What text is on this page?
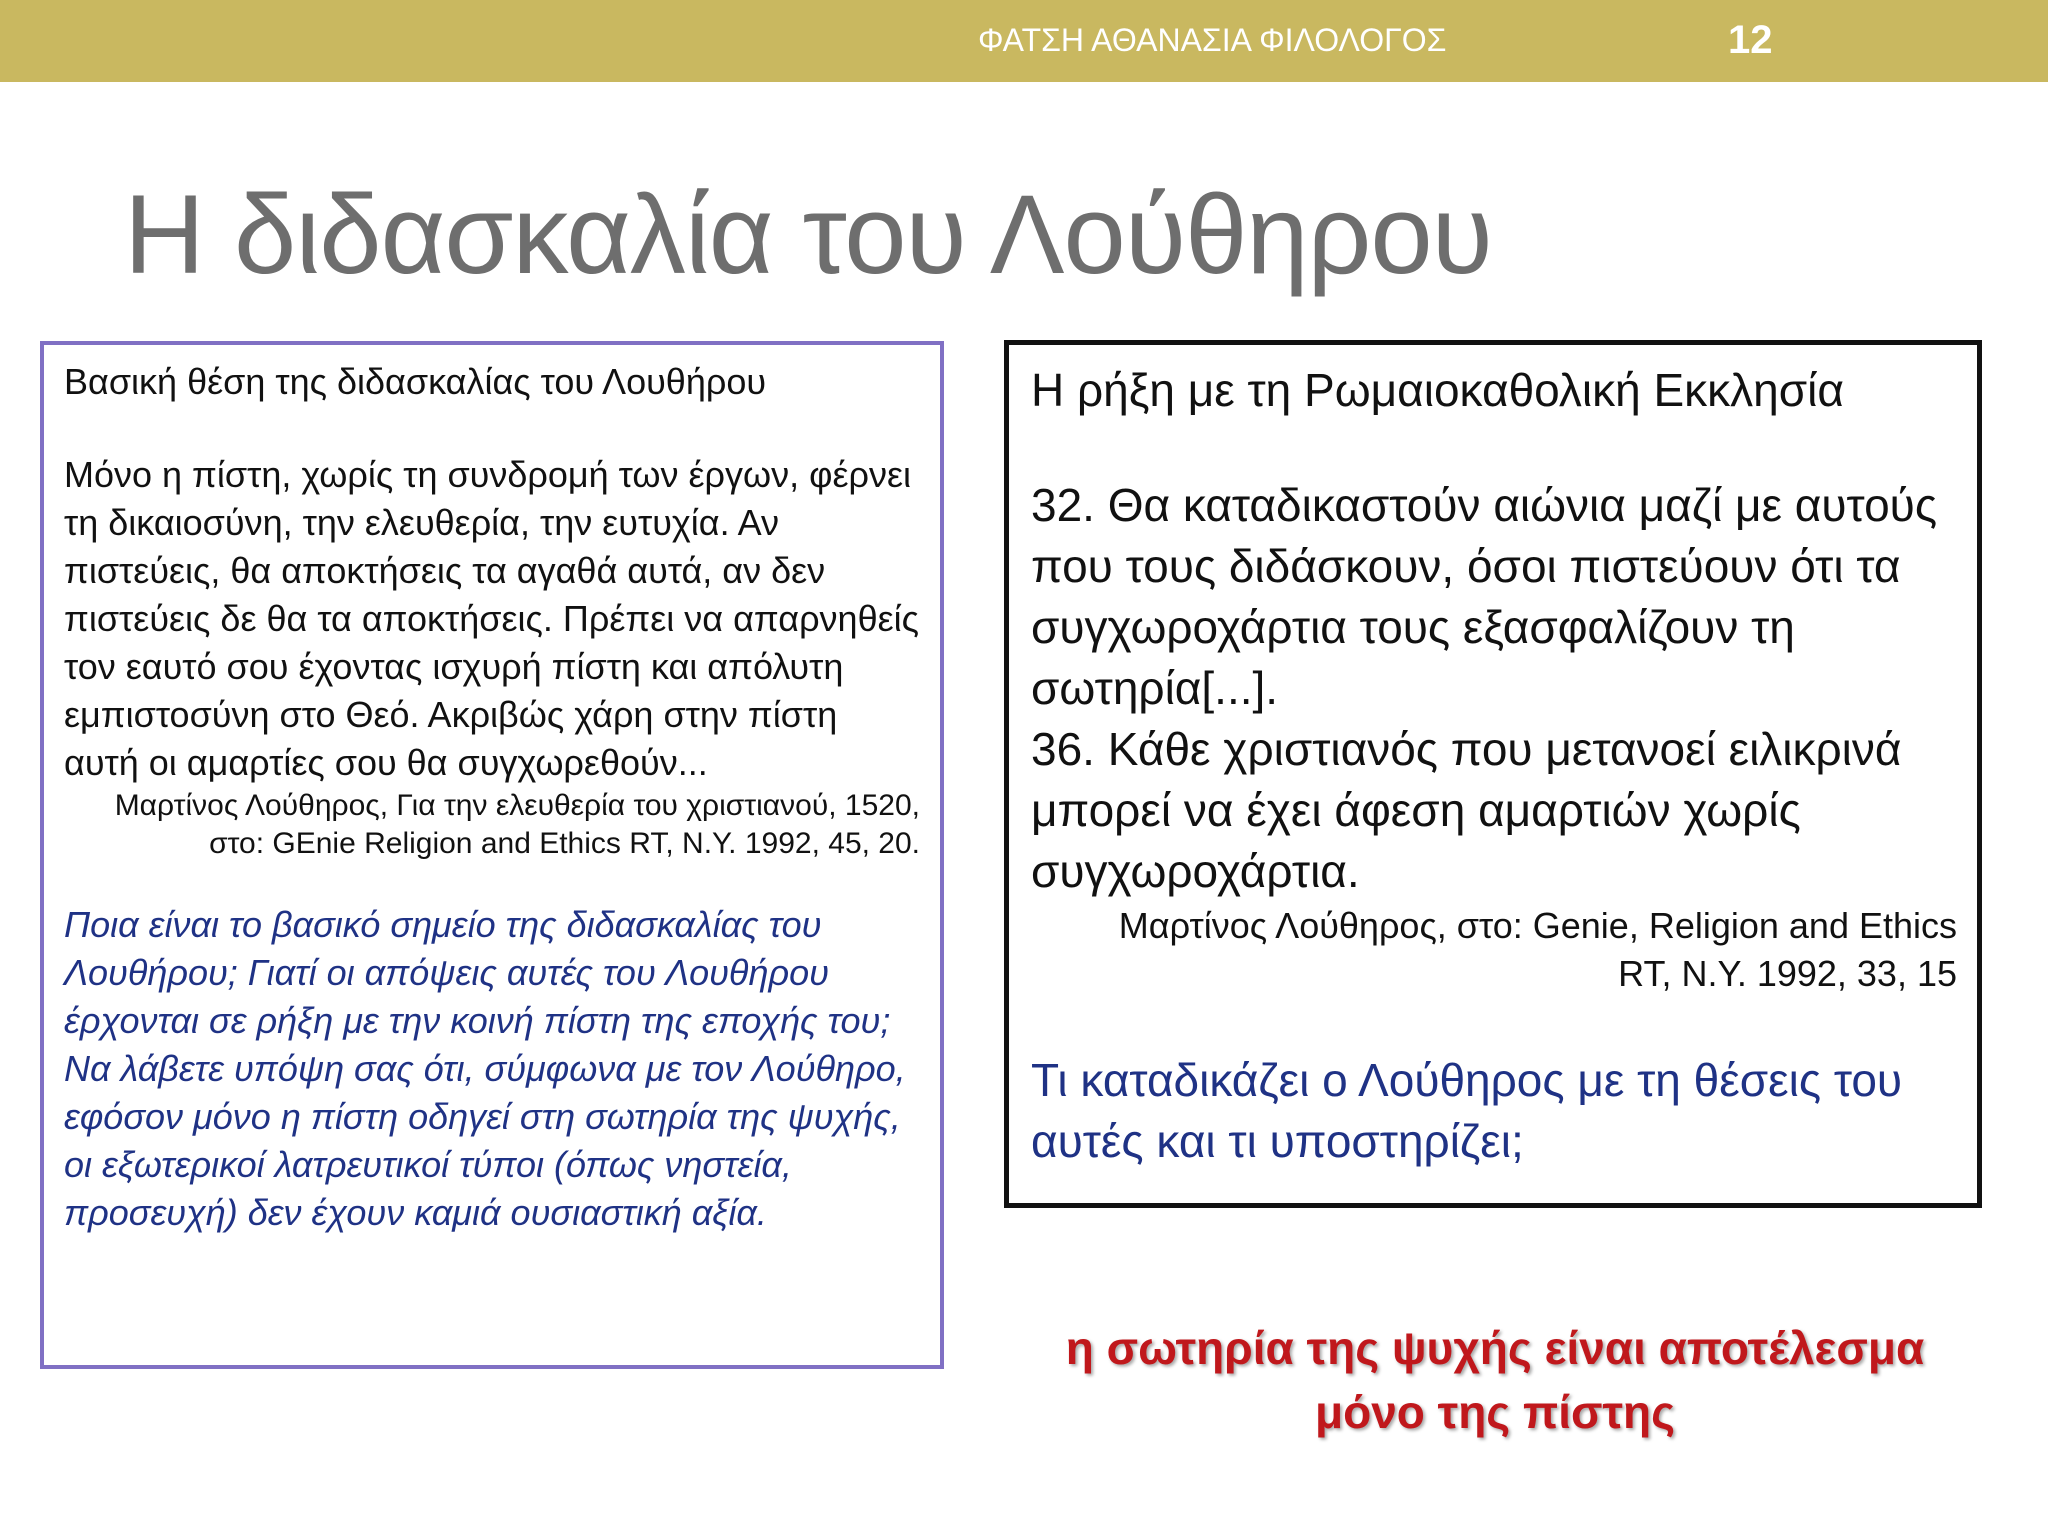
ΦΑΤΣΗ ΑΘΑΝΑΣΙΑ ΦΙΛΟΛΟΓΟΣ	12
Η διδασκαλία του Λούθηρου

Βασική θέση της διδασκαλίας του Λουθήρου

Μόνο η πίστη, χωρίς τη συνδρομή των έργων, φέρνει τη δικαιοσύνη, την ελευθερία, την ευτυχία. Αν πιστεύεις, θα αποκτήσεις τα αγαθά αυτά, αν δεν πιστεύεις δε θα τα αποκτήσεις. Πρέπει να απαρνηθείς τον εαυτό σου έχοντας ισχυρή πίστη και απόλυτη εμπιστοσύνη στο Θεό. Ακριβώς χάρη στην πίστη αυτή οι αμαρτίες σου θα συγχωρεθούν...

Μαρτίνος Λούθηρος, Για την ελευθερία του χριστιανού, 1520,

στο: GEnie Religion and Ethics RT, N.Y. 1992, 45, 20.

Ποια είναι το βασικό σημείο της διδασκαλίας του Λουθήρου; Γιατί οι απόψεις αυτές του Λουθήρου έρχονται σε ρήξη με την κοινή πίστη της εποχής του; Να λάβετε υπόψη σας ότι, σύμφωνα με τον Λούθηρο, εφόσον μόνο η πίστη οδηγεί στη σωτηρία της ψυχής, οι εξωτερικοί λατρευτικοί τύποι (όπως νηστεία, προσευχή) δεν έχουν καμιά ουσιαστική αξία.

Η ρήξη με τη Ρωμαιοκαθολική Εκκλησία

32. Θα καταδικαστούν αιώνια μαζί με αυτούς που τους διδάσκουν, όσοι πιστεύουν ότι τα συγχωροχάρτια τους εξασφαλίζουν τη σωτηρία[...].

36. Κάθε χριστιανός που μετανοεί ειλικρινά μπορεί να έχει άφεση αμαρτιών χωρίς συγχωροχάρτια.

Μαρτίνος Λούθηρος, στο: Genie, Religion and Ethics

RT, N.Y. 1992, 33, 15

Τι καταδικάζει ο Λούθηρος με τη θέσεις του αυτές και τι υποστηρίζει;

η σωτηρία της ψυχής είναι αποτέλεσμα
μόνο της πίστης
